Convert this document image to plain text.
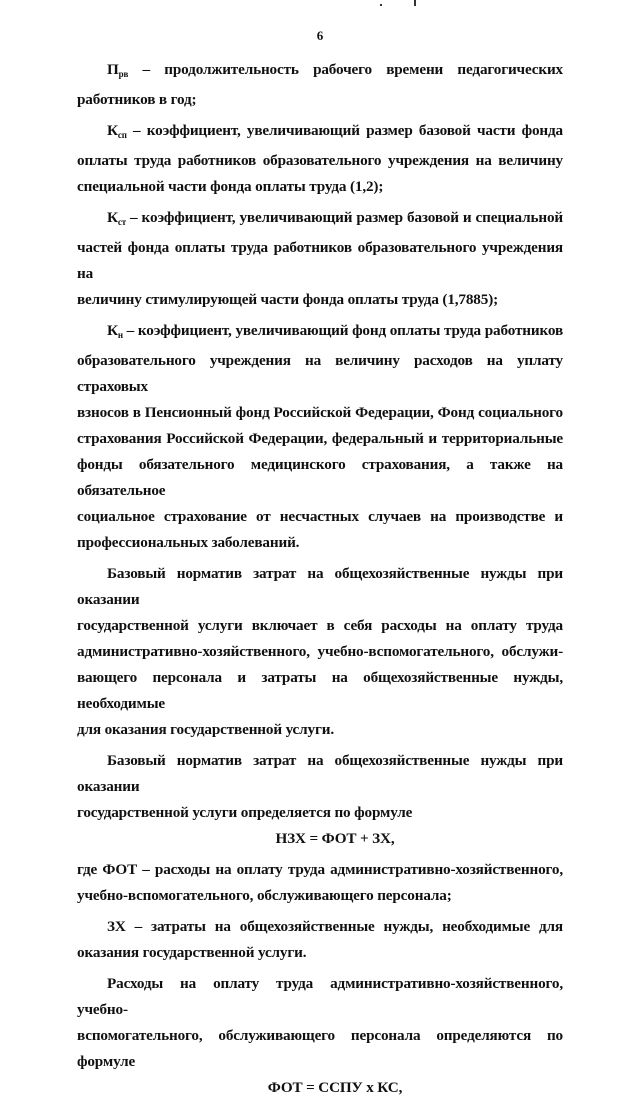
6
$П_{рв}$ – продолжительность рабочего времени педагогических
работников в год;
$К_{сп}$ – коэффициент, увеличивающий размер базовой части фонда
оплаты труда работников образовательного учреждения на величину
специальной части фонда оплаты труда (1,2);
$К_{ст}$ – коэффициент, увеличивающий размер базовой и специальной
частей фонда оплаты труда работников образовательного учреждения на
величину стимулирующей части фонда оплаты труда (1,7885);
$К_н$ – коэффициент, увеличивающий фонд оплаты труда работников
образовательного учреждения на величину расходов на уплату страховых
взносов в Пенсионный фонд Российской Федерации, Фонд социального
страхования Российской Федерации, федеральный и территориальные
фонды обязательного медицинского страхования, а также на обязательное
социальное страхование от несчастных случаев на производстве и
профессиональных заболеваний.
Базовый норматив затрат на общехозяйственные нужды при оказании
государственной услуги включает в себя расходы на оплату труда
административно-хозяйственного, учебно-вспомогательного, обслужи-
вающего персонала и затраты на общехозяйственные нужды, необходимые
для оказания государственной услуги.
Базовый норматив затрат на общехозяйственные нужды при оказании
государственной услуги определяется по формуле
НЗХ = ФОТ + ЗХ,
где ФОТ – расходы на оплату труда административно-хозяйственного,
учебно-вспомогательного, обслуживающего персонала;
ЗХ – затраты на общехозяйственные нужды, необходимые для
оказания государственной услуги.
Расходы на оплату труда административно-хозяйственного, учебно-
вспомогательного, обслуживающего персонала определяются по формуле
ФОТ = ССПУ х КС,
